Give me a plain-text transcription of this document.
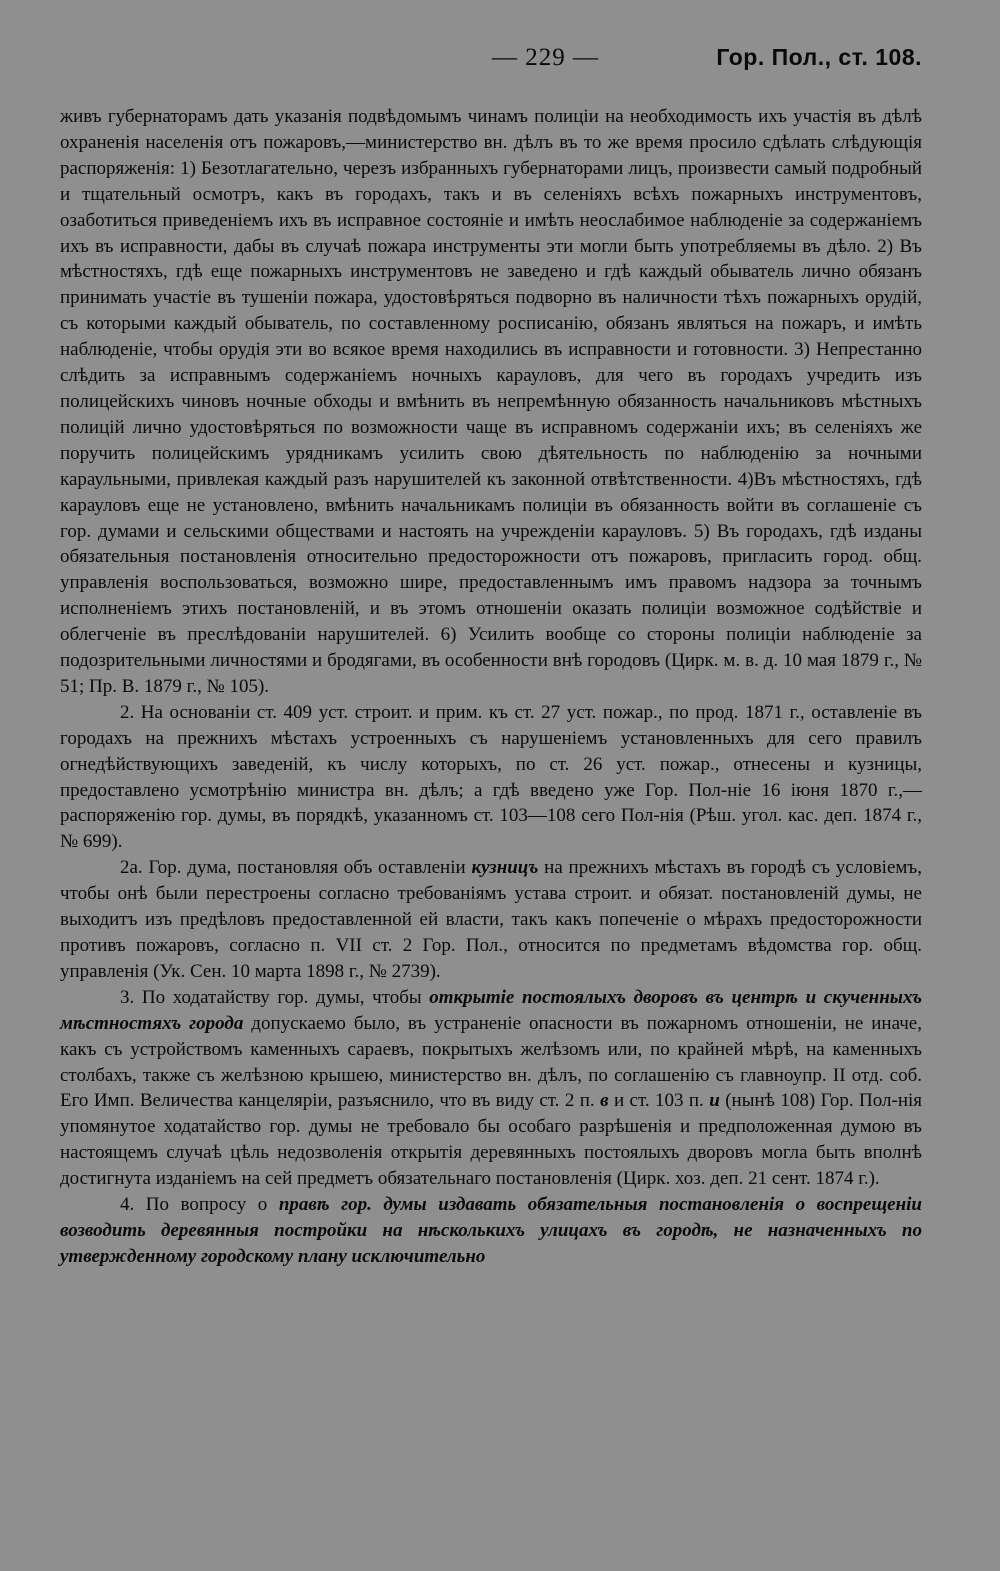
— 229 —	Гор. Пол., ст. 108.

живъ губернаторамъ дать указанія подвѣдомымъ чинамъ полиціи на необходимость ихъ участія въ дѣлѣ охраненія населенія отъ пожаровъ,—министерство вн. дѣлъ въ то же время просило сдѣлать слѣдующія распоряженія: 1) Безотлагательно, черезъ избранныхъ губернаторами лицъ, произвести самый подробный и тщательный осмотръ, какъ въ городахъ, такъ и въ селеніяхъ всѣхъ пожарныхъ инструментовъ, озаботиться приведеніемъ ихъ въ исправное состояніе и имѣть неослабимое наблюденіе за содержаніемъ ихъ въ исправности, дабы въ случаѣ пожара инструменты эти могли быть употребляемы въ дѣло. 2) Въ мѣстностяхъ, гдѣ еще пожарныхъ инструментовъ не заведено и гдѣ каждый обыватель лично обязанъ принимать участіе въ тушеніи пожара, удостовѣряться подворно въ наличности тѣхъ пожарныхъ орудій, съ которыми каждый обыватель, по составленному росписанію, обязанъ являться на пожаръ, и имѣть наблюденіе, чтобы орудія эти во всякое время находились въ исправности и готовности. 3) Непрестанно слѣдить за исправнымъ содержаніемъ ночныхъ карауловъ, для чего въ городахъ учредить изъ полицейскихъ чиновъ ночные обходы и вмѣнить въ непремѣнную обязанность начальниковъ мѣстныхъ полицій лично удостовѣряться по возможности чаще въ исправномъ содержаніи ихъ; въ селеніяхъ же поручить полицейскимъ урядникамъ усилить свою дѣятельность по наблюденію за ночными караульными, привлекая каждый разъ нарушителей къ законной отвѣтственности. 4)Въ мѣстностяхъ, гдѣ карауловъ еще не установлено, вмѣнить начальникамъ полиціи въ обязанность войти въ соглашеніе съ гор. думами и сельскими обществами и настоять на учрежденіи карауловъ. 5) Въ городахъ, гдѣ изданы обязательныя постановленія относительно предосторожности отъ пожаровъ, пригласить город. общ. управленія воспользоваться, возможно шире, предоставленнымъ имъ правомъ надзора за точнымъ исполненіемъ этихъ постановленій, и въ этомъ отношеніи оказать полиціи возможное содѣйствіе и облегченіе въ преслѣдованіи нарушителей. 6) Усилить вообще со стороны полиціи наблюденіе за подозрительными личностями и бродягами, въ особенности внѣ городовъ (Цирк. м. в. д. 10 мая 1879 г., № 51; Пр. В. 1879 г., № 105).

2. На основаніи ст. 409 уст. строит. и прим. къ ст. 27 уст. пожар., по прод. 1871 г., оставленіе въ городахъ на прежнихъ мѣстахъ устроенныхъ съ нарушеніемъ установленныхъ для сего правилъ огнедѣйствующихъ заведеній, къ числу которыхъ, по ст. 26 уст. пожар., отнесены и кузницы, предоставлено усмотрѣнію министра вн. дѣлъ; а гдѣ введено уже Гор. Пол-ніе 16 іюня 1870 г.,—распоряженію гор. думы, въ порядкѣ, указанномъ ст. 103—108 сего Пол-нія (Рѣш. угол. кас. деп. 1874 г., № 699).

2а. Гор. дума, постановляя объ оставленіи кузницъ на прежнихъ мѣстахъ въ городѣ съ условіемъ, чтобы онѣ были перестроены согласно требованіямъ устава строит. и обязат. постановленій думы, не выходитъ изъ предѣловъ предоставленной ей власти, такъ какъ попеченіе о мѣрахъ предосторожности противъ пожаровъ, согласно п. VII ст. 2 Гор. Пол., относится по предметамъ вѣдомства гор. общ. управленія (Ук. Сен. 10 марта 1898 г., № 2739).

3. По ходатайству гор. думы, чтобы открытіе постоялыхъ дворовъ въ центрѣ и скученныхъ мѣстностяхъ города допускаемо было, въ устраненіе опасности въ пожарномъ отношеніи, не иначе, какъ съ устройствомъ каменныхъ сараевъ, покрытыхъ желѣзомъ или, по крайней мѣрѣ, на каменныхъ столбахъ, также съ желѣзною крышею, министерство вн. дѣлъ, по соглашенію съ главноупр. II отд. соб. Его Имп. Величества канцеляріи, разъяснило, что въ виду ст. 2 п. в и ст. 103 п. и (нынѣ 108) Гор. Пол-нія упомянутое ходатайство гор. думы не требовало бы особаго разрѣшенія и предположенная думою въ настоящемъ случаѣ цѣль недозволенія открытія деревянныхъ постоялыхъ дворовъ могла быть вполнѣ достигнута изданіемъ на сей предметъ обязательнаго постановленія (Цирк. хоз. деп. 21 сент. 1874 г.).

4. По вопросу о правѣ гор. думы издавать обязательныя постановленія о воспрещеніи возводить деревянныя постройки на нѣсколькихъ улицахъ въ городѣ, не назначенныхъ по утвержденному городскому плану исключительно
